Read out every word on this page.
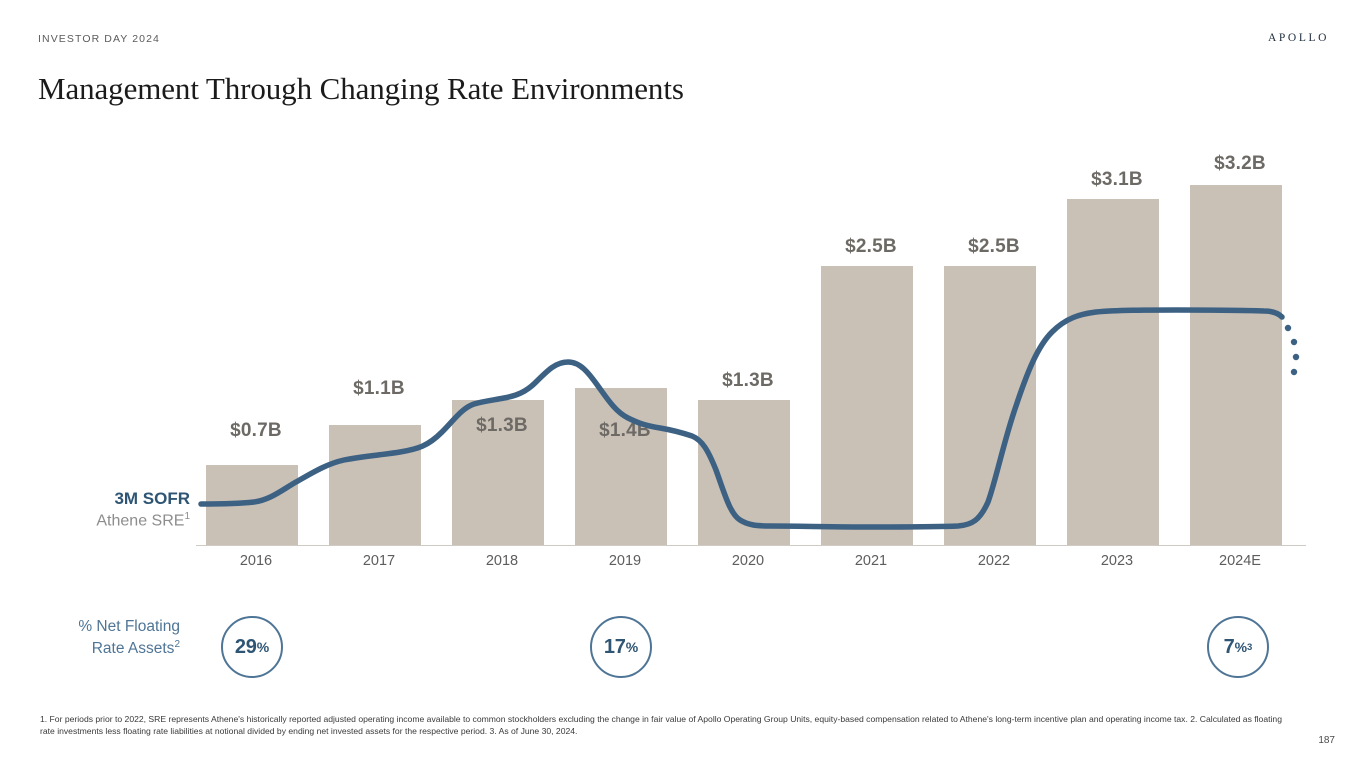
INVESTOR DAY 2024	APOLLO
Management Through Changing Rate Environments
$0.7B
$1.1B
$1.3B	$1.4B
$1.3B
$2.5B	$2.5B
$3.1B
$3.2B
3M SOFR
Athene SRE$^1$
2016	2017	2018	2019	2020	2021	2022	2023	2024E
% Net Floating
Rate Assets$^2$	29 %	17 %	7 % 3
1. For periods prior to 2022, SRE represents Athene's historically reported adjusted operating income available to common stockholders excluding the change in fair value of Apollo Operating Group Units, equity-based compensation related to Athene's long-term incentive plan and operating income tax. 2. Calculated as floating rate investments less floating rate liabilities at notional divided by ending net invested assets for the respective period. 3. As of June 30, 2024.
187
